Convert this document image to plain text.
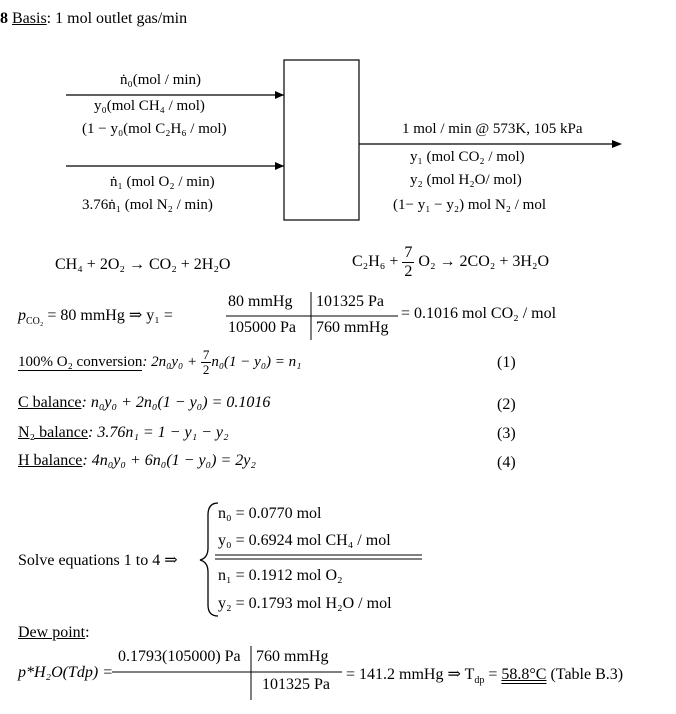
8 Basis: 1 mol outlet gas/min
ṅ₀(mol / min)
y₀(mol CH₄ / mol)
(1 − y₀(mol C₂H₆ / mol)
ṅ₁ (mol O₂ / min)
3.76ṅ₁ (mol N₂ / min)
1 mol / min @ 573K, 105 kPa
y₁ (mol CO₂ / mol)
y₂ (mol H₂O/ mol)
(1− y₁ − y₂) mol N₂ / mol
CH₄ + 2O₂ → CO₂ + 2H₂O	$C_2H_6 + \frac{7}{2} O_2 \to 2CO_2 + 3H_2O$
$p_{CO_2} = 80$ mmHg ⇒ y₁ =
80 mmHg 101325 Pa
105000 Pa 760 mmHg
= 0.1016 mol CO₂ / mol
100% O₂ conversion: $2n_0y_0 + \frac{7}{2} n_0(1 - y_0) = n_1$	(1)
C balance: n₀y₀ + 2n₀(1 − y₀) = 0.1016	(2)
N₂ balance: 3.76n₁ = 1 − y₁ − y₂	(3)
H balance: 4n₀y₀ + 6n₀(1 − y₀) = 2y₂	(4)
Solve equations 1 to 4 ⇒
n₀ = 0.0770 mol
y₀ = 0.6924 mol CH₄ / mol
n₁ = 0.1912 mol O₂
y₂ = 0.1793 mol H₂O / mol
Dew point:
p*H₂O(Tdp) =
0.1793(105000) Pa 760 mmHg
101325 Pa
= 141.2 mmHg ⇒ $T_{dp} = 58.8^\circ C$ (Table B.3)
